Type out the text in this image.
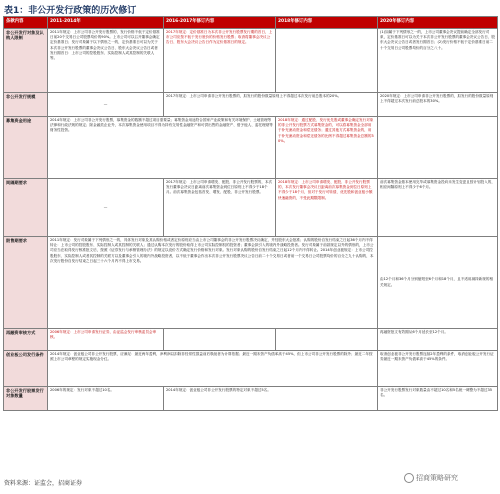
表1：非公开发行政策的历次修订
条款内容	2011-2014年	2016-2017年修订内容	2018年修订内容	2020年修订内容
非公开发行对象及认购人限制	2011年规定：上市公司非公开发行股票的，发行价格不低于定价基准日前20个交易日公司股票均价的90%。上市公司可以召开董事会确定定价基准日；发行对象属于以下情形之一的，定价基准日可以为关于本次非公开发行股票的董事会决议公告日、股东大会决议公告日或者发行期首日：上市公司的控股股东、实际控制人或其控制的关联人等。	2017年规定：定价基准日为本次非公开发行股票发行期的首日，上市公司应按不低于发行底价的价格发行股票；取消将董事会决议公告日、股东大会决议公告日作为定价基准日的规定。		(1)如属于下列情形之一的，上市公司董事会决议提前确定全部发行对象，定价基准日可以为关于本次非公开发行股票的董事会决议公告日、股东大会决议公告日或者发行期首日；(2)发行价格不低于定价基准日前二十个交易日公司股票均价的百分之八十。
非公开发行规模	—	2017年规定：上市公司申请非公开发行股票的，拟发行的股份数量原则上不得超过本次发行前总股本的20%。		2020年规定：上市公司申请非公开发行股票的，拟发行的股份数量原则上不得超过本次发行前总股本的30%。
募集资金用途	2014年规定：上市公司非公开发行股票，募集资金的数额不超过项目需要量；募集资金用途符合国家产业政策和有关环境保护、土地管理等法律和行政法规的规定；除金融类企业外，本次募集资金使用项目不得为持有交易性金融资产和可供出售的金融资产、借予他人、委托理财等财务性投资。		2018年规定：通过配股、发行优先股或董事会确定发行对象的非公开发行股票方式募集资金的，可以将募集资金全部用于补充流动资金和偿还债务；通过其他方式募集资金的，用于补充流动资金和偿还债务的比例不得超过募集资金总额的30%。	
间隔期要求	—	2017年规定：上市公司申请增发、配股、非公开发行股票的，本次发行董事会决议日距离前次募集资金到位日原则上不得少于18个月。前次募集资金包括首发、增发、配股、非公开发行股票。	2018年规定：上市公司申请增发、配股、非公开发行股票的，本次发行董事会决议日距离前次募集资金到位日原则上不得少于18个月，但对于发行可转债、优先股和创业板小额快速融资的，不受此期限限制。	前次募集资金基本使用完毕或募集资金投向未发生变更且按计划投入的，相应间隔原则上不得少于6个月。
限售期要求	2011年规定：发行对象属于下列情形之一的，具体发行对象及其认购价格或者定价原则应当由上市公司董事会的非公开发行股票决议确定，并经股东大会批准；认购的股份自发行结束之日起36个月内不得转让：上市公司的控股股东、实际控制人或其控制的关联人；通过认购本次发行的股份取得上市公司实际控制权的投资者；董事会拟引入的境内外战略投资者。发行对象属于前款规定以外的情形的，上市公司应当在取得发行核准批文后，按照《证券发行与承销管理办法》的规定以竞价方式确定发行价格和发行对象。发行对象认购的股份自发行结束之日起12个月内不得转让。2014年创业板规定：上市公司控股股东、实际控制人或者其控制的关联方以及董事会引入的境内外战略投资者，以不低于董事会作出本次非公开发行股票决议公告日前二十个交易日或者前一个交易日公司股票均价的百分之九十认购的，本次发行股份自发行结束之日起三十六个月内不得上市交易。			由12个月和36个月分别缩短至6个月和18个月，且不适用减持新规的相关规定。
再融资审核方式	2006年规定：上市公司申请发行证券，由证监会发行审核委员会审核。			再融资批文有效期从6个月延长至12个月。
创业板公司发行条件	2014年规定：创业板公司非公开发行股票，应满足：最近两年盈利，净利润以扣除非经常性损益前后孰低者为计算依据；最近一期末资产负债率高于45%，但上市公司非公开发行股票的除外；最近二年按照上市公司章程的规定实施现金分红。			取消创业板非公开发行股票连续2年盈利的条件，取消创业板公开发行证券最近一期末资产负债率高于45%的条件。
非公开发行股票发行对象数量	2006年的规定：发行对象不超过10名。	2014年规定：创业板公司非公开发行股票的特定对象不超过5名。		非公开发行股票发行对象数量由不超过10名和5名统一调整为不超过35名。
资料来源：证监会，招商证券
招商策略研究
